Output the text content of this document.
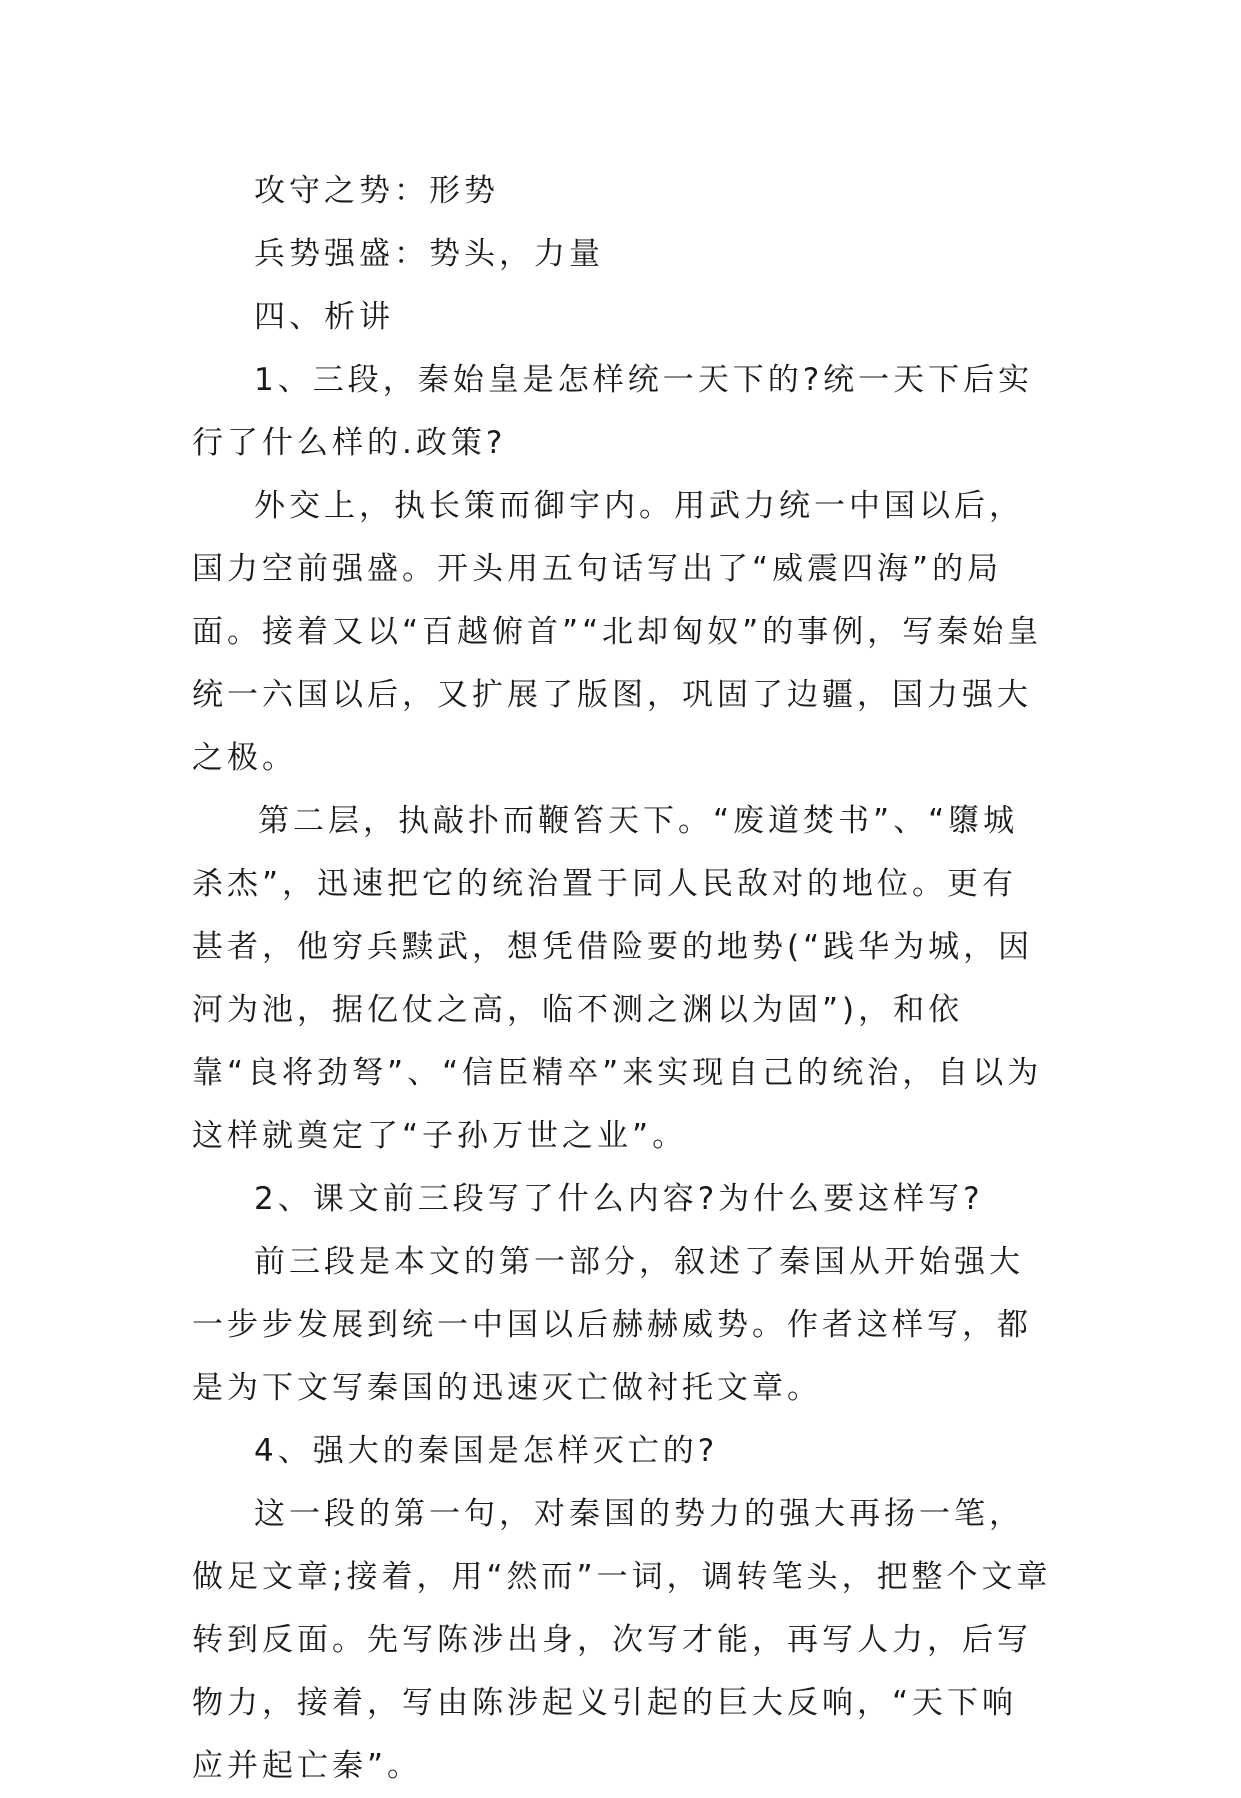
攻守之势：形势

兵势强盛：势头，力量

四、析讲

1、三段，秦始皇是怎样统一天下的?统一天下后实行了什么样的.政策?

外交上，执长策而御宇内。用武力统一中国以后，国力空前强盛。开头用五句话写出了“威震四海”的局面。接着又以“百越俯首”“北却匈奴”的事例，写秦始皇统一六国以后，又扩展了版图，巩固了边疆，国力强大之极。

第二层，执敲扑而鞭笞天下。“废道焚书”、“隳城杀杰”，迅速把它的统治置于同人民敌对的地位。更有甚者，他穷兵黩武，想凭借险要的地势(“践华为城，因河为池，据亿仗之高，临不测之渊以为固”)，和依靠“良将劲弩”、“信臣精卒”来实现自己的统治，自以为这样就奠定了“子孙万世之业”。

2、课文前三段写了什么内容?为什么要这样写?

前三段是本文的第一部分，叙述了秦国从开始强大一步步发展到统一中国以后赫赫威势。作者这样写，都是为下文写秦国的迅速灭亡做衬托文章。

4、强大的秦国是怎样灭亡的?

这一段的第一句，对秦国的势力的强大再扬一笔，做足文章;接着，用“然而”一词，调转笔头，把整个文章转到反面。先写陈涉出身，次写才能，再写人力，后写物力，接着，写由陈涉起义引起的巨大反响，“天下响应并起亡秦”。
